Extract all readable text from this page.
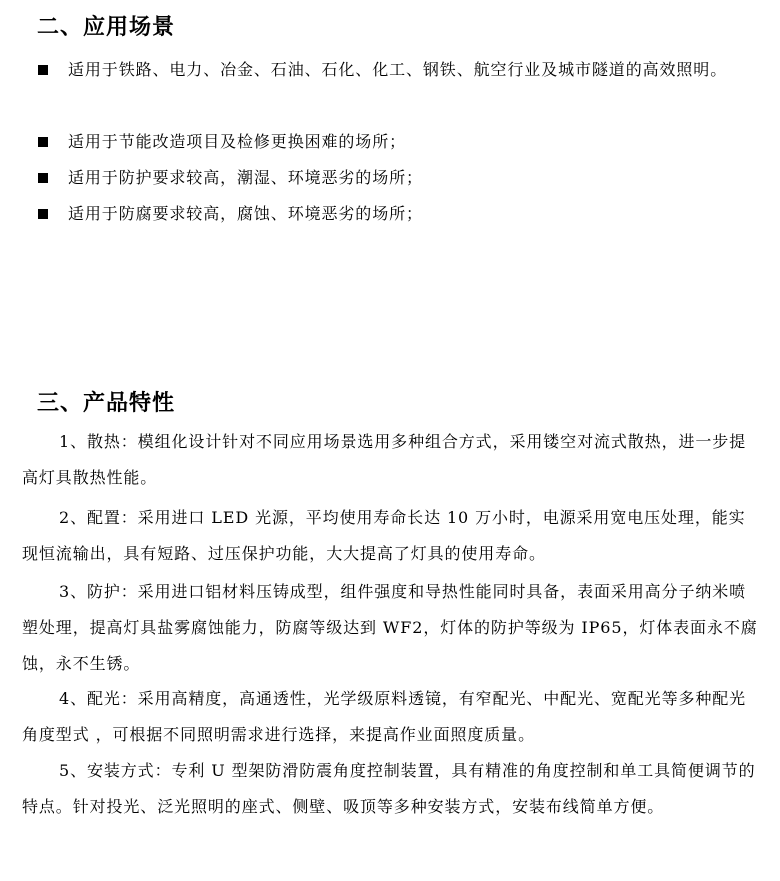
二、应用场景
适用于铁路、电力、冶金、石油、石化、化工、钢铁、航空行业及城市隧道的高效照明。
适用于节能改造项目及检修更换困难的场所；
适用于防护要求较高，潮湿、环境恶劣的场所；
适用于防腐要求较高，腐蚀、环境恶劣的场所；
三、产品特性
1、散热：模组化设计针对不同应用场景选用多种组合方式，采用镂空对流式散热，进一步提高灯具散热性能。
2、配置：采用进口 LED 光源，平均使用寿命长达 10 万小时，电源采用宽电压处理，能实现恒流输出，具有短路、过压保护功能，大大提高了灯具的使用寿命。
3、防护：采用进口铝材料压铸成型，组件强度和导热性能同时具备，表面采用高分子纳米喷塑处理，提高灯具盐雾腐蚀能力，防腐等级达到 WF2，灯体的防护等级为 IP65，灯体表面永不腐蚀，永不生锈。
4、配光：采用高精度，高通透性，光学级原料透镜，有窄配光、中配光、宽配光等多种配光角度型式 ，可根据不同照明需求进行选择，来提高作业面照度质量。
5、安装方式：专利 U 型架防滑防震角度控制装置，具有精准的角度控制和单工具简便调节的特点。针对投光、泛光照明的座式、侧壁、吸顶等多种安装方式，安装布线简单方便。
